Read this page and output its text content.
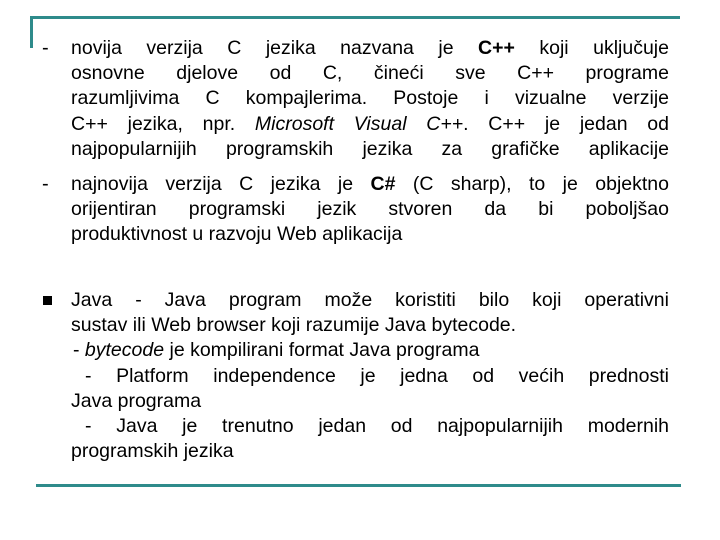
- novija verzija C jezika nazvana je C++ koji uključuje
osnovne djelove od C, čineći sve C++ programe
razumljivima C kompajlerima. Postoje i vizualne verzije
C++ jezika, npr. Microsoft Visual C++. C++ je jedan od
najpopularnijih programskih jezika za grafičke aplikacije
- najnovija verzija C jezika je C# (C sharp), to je objektno
orijentiran programski jezik stvoren da bi poboljšao
produktivnost u razvoju Web aplikacija
Java - Java program može koristiti bilo koji operativni
sustav ili Web browser koji razumije Java bytecode.
- bytecode je kompilirani format Java programa
- Platform independence je jedna od većih prednosti
Java programa
- Java je trenutno jedan od najpopularnijih modernih
programskih jezika
